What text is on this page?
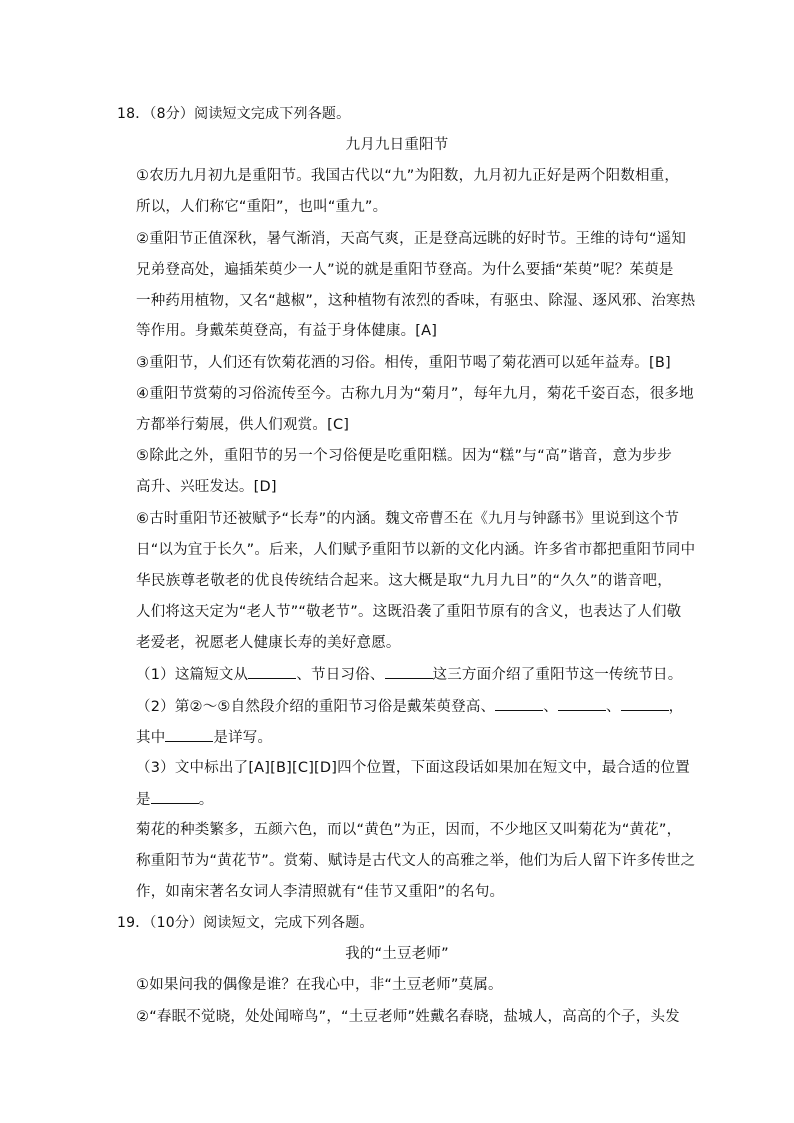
18．（8分）阅读短文完成下列各题。
九月九日重阳节
①农历九月初九是重阳节。我国古代以“九”为阳数，九月初九正好是两个阳数相重，
所以，人们称它“重阳”，也叫“重九”。
②重阳节正值深秋，暑气渐消，天高气爽，正是登高远眺的好时节。王维的诗句“遥知
兄弟登高处，遍插茱萸少一人”说的就是重阳节登高。为什么要插“茱萸”呢？茱萸是
一种药用植物，又名“越椒”，这种植物有浓烈的香味，有驱虫、除湿、逐风邪、治寒热
等作用。身戴茱萸登高，有益于身体健康。[A]
③重阳节，人们还有饮菊花酒的习俗。相传，重阳节喝了菊花酒可以延年益寿。[B]
④重阳节赏菊的习俗流传至今。古称九月为“菊月”，每年九月，菊花千姿百态，很多地
方都举行菊展，供人们观赏。[C]
⑤除此之外，重阳节的另一个习俗便是吃重阳糕。因为“糕”与“高”谐音，意为步步
高升、兴旺发达。[D]
⑥古时重阳节还被赋予“长寿”的内涵。魏文帝曹丕在《九月与钟繇书》里说到这个节
日“以为宜于长久”。后来，人们赋予重阳节以新的文化内涵。许多省市都把重阳节同中
华民族尊老敬老的优良传统结合起来。这大概是取“九月九日”的“久久”的谐音吧，
人们将这天定为“老人节”“敬老节”。这既沿袭了重阳节原有的含义，也表达了人们敬
老爱老，祝愿老人健康长寿的美好意愿。
（1）这篇短文从	、节日习俗、	这三方面介绍了重阳节这一传统节日。
（2）第②～⑤自然段介绍的重阳节习俗是戴茱萸登高、	、	、	，
其中	是详写。
（3）文中标出了[A][B][C][D]四个位置，下面这段话如果加在短文中，最合适的位置
是	。
菊花的种类繁多，五颜六色，而以“黄色”为正，因而，不少地区又叫菊花为“黄花”，
称重阳节为“黄花节”。赏菊、赋诗是古代文人的高雅之举，他们为后人留下许多传世之
作，如南宋著名女词人李清照就有“佳节又重阳”的名句。
19．（10分）阅读短文，完成下列各题。
我的“土豆老师”
①如果问我的偶像是谁？在我心中，非“土豆老师”莫属。
②“春眠不觉晓，处处闻啼鸟”，“土豆老师”姓戴名春晓，盐城人，高高的个子，头发
